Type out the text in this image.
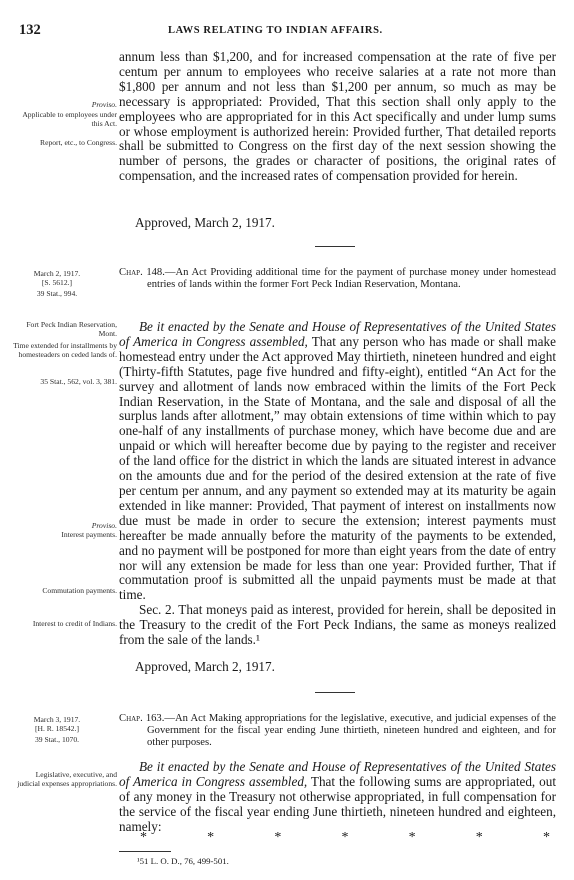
132	LAWS RELATING TO INDIAN AFFAIRS.

annum less than $1,200, and for increased compensation at the rate of five per centum per annum to employees who receive salaries at a rate not more than $1,800 per annum and not less than $1,200 per annum, so much as may be necessary is appropriated: Provided, That this section shall only apply to the employees who are appropriated for in this Act specifically and under lump sums or whose employment is authorized herein: Provided further, That detailed reports shall be submitted to Congress on the first day of the next session showing the number of persons, the grades or character of positions, the original rates of compensation, and the increased rates of compensation provided for herein.

Approved, March 2, 1917.
Proviso.
Applicable to employees under this Act.
Report, etc., to Congress.
March 2, 1917.
[S. 5612.]
39 Stat., 994.

Chap. 148.—An Act Providing additional time for the payment of purchase money under homestead entries of lands within the former Fort Peck Indian Reservation, Montana.

Be it enacted by the Senate and House of Representatives of the United States of America in Congress assembled, That any person who has made or shall make homestead entry under the Act approved May thirtieth, nineteen hundred and eight (Thirty-fifth Statutes, page five hundred and fifty-eight), entitled “An Act for the survey and allotment of lands now embraced within the limits of the Fort Peck Indian Reservation, in the State of Montana, and the sale and disposal of all the surplus lands after allotment,” may obtain extensions of time within which to pay one-half of any installments of purchase money, which have become due and are unpaid or which will hereafter become due by paying to the register and receiver of the land office for the district in which the lands are situated interest in advance on the amounts due and for the period of the desired extension at the rate of five per centum per annum, and any payment so extended may at its maturity be again extended in like manner: Provided, That payment of interest on installments now due must be made in order to secure the extension; interest payments must hereafter be made annually before the maturity of the payments to be extended, and no payment will be postponed for more than eight years from the date of entry nor will any extension be made for less than one year: Provided further, That if commutation proof is submitted all the unpaid payments must be made at that time.

Sec. 2. That moneys paid as interest, provided for herein, shall be deposited in the Treasury to the credit of the Fort Peck Indians, the same as moneys realized from the sale of the lands.¹

Approved, March 2, 1917.
Fort Peck Indian Reservation, Mont.
Time extended for installments by homesteaders on ceded lands of.
35 Stat., 562, vol. 3, 381.
Proviso.
Interest payments.
Commutation payments.
Interest to credit of Indians.
March 3, 1917.
[H. R. 18542.]
39 Stat., 1070.

Chap. 163.—An Act Making appropriations for the legislative, executive, and judicial expenses of the Government for the fiscal year ending June thirtieth, nineteen hundred and eighteen, and for other purposes.

Be it enacted by the Senate and House of Representatives of the United States of America in Congress assembled, That the following sums are appropriated, out of any money in the Treasury not otherwise appropriated, in full compensation for the service of the fiscal year ending June thirtieth, nineteen hundred and eighteen, namely:

Legislative, executive, and judicial expenses appropriations.
*	*	*	*	*	*	*
¹51 L. O. D., 76, 499-501.
